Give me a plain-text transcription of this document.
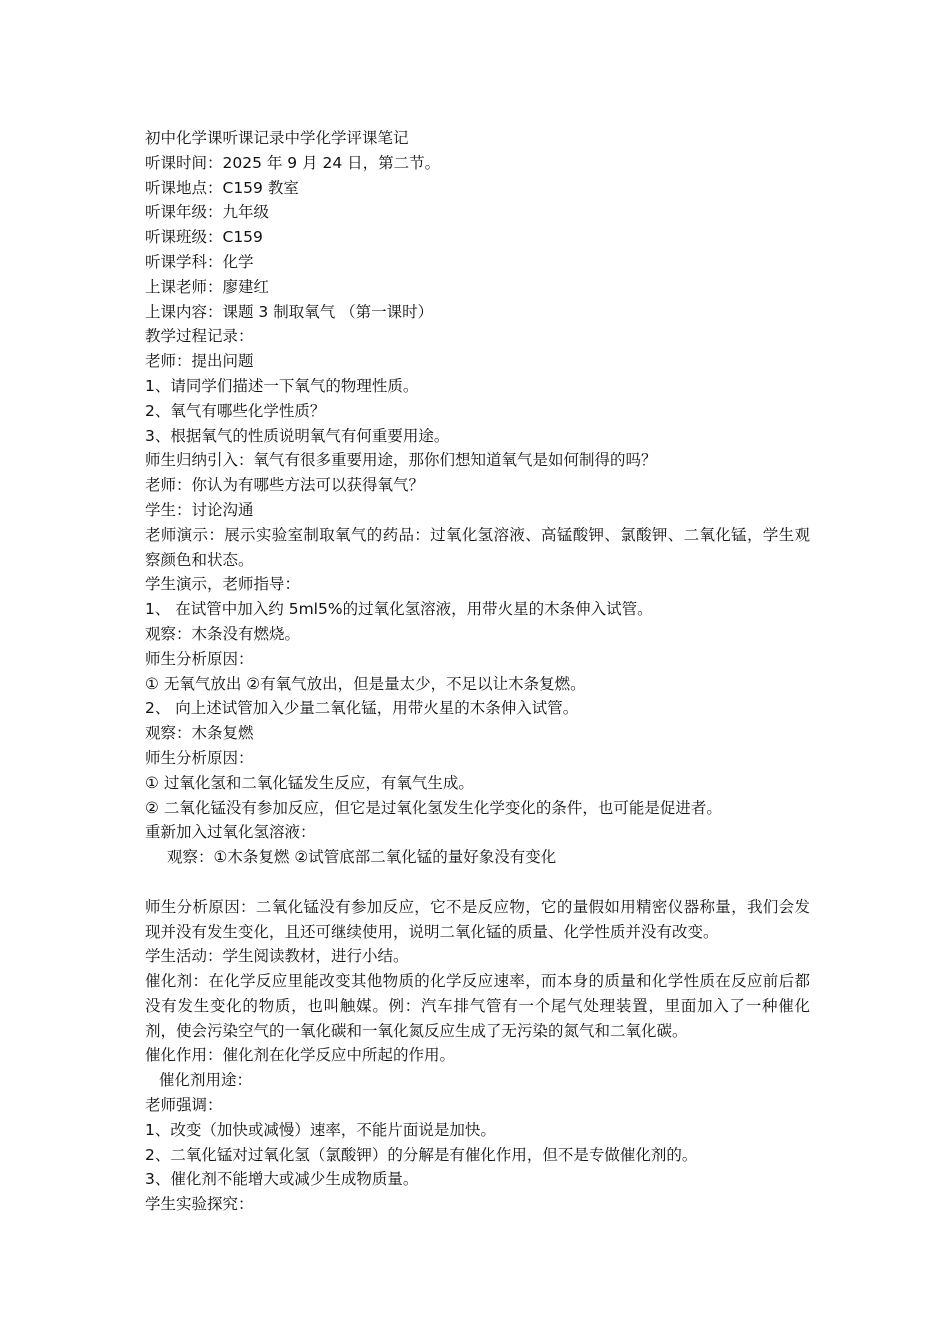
初中化学课听课记录中学化学评课笔记
听课时间：2025 年 9 月 24 日，第二节。
听课地点：C159 教室
听课年级：九年级
听课班级：C159
听课学科：化学
上课老师：廖建红
上课内容：课题 3 制取氧气 （第一课时）
教学过程记录：
老师：提出问题
1、请同学们描述一下氧气的物理性质。
2、氧气有哪些化学性质？
3、根据氧气的性质说明氧气有何重要用途。
师生归纳引入：氧气有很多重要用途，那你们想知道氧气是如何制得的吗？
老师：你认为有哪些方法可以获得氧气？
学生：讨论沟通
老师演示：展示实验室制取氧气的药品：过氧化氢溶液、高锰酸钾、氯酸钾、二氧化锰，学生观察颜色和状态。
学生演示，老师指导：
1、 在试管中加入约 5ml5%的过氧化氢溶液，用带火星的木条伸入试管。
观察：木条没有燃烧。
师生分析原因：
① 无氧气放出 ②有氧气放出，但是量太少，不足以让木条复燃。
2、 向上述试管加入少量二氧化锰，用带火星的木条伸入试管。
观察：木条复燃
师生分析原因：
① 过氧化氢和二氧化锰发生反应，有氧气生成。
② 二氧化锰没有参加反应，但它是过氧化氢发生化学变化的条件，也可能是促进者。
重新加入过氧化氢溶液：
观察：①木条复燃 ②试管底部二氧化锰的量好象没有变化
师生分析原因：二氧化锰没有参加反应，它不是反应物，它的量假如用精密仪器称量，我们会发现并没有发生变化，且还可继续使用，说明二氧化锰的质量、化学性质并没有改变。
学生活动：学生阅读教材，进行小结。
催化剂：在化学反应里能改变其他物质的化学反应速率，而本身的质量和化学性质在反应前后都没有发生变化的物质，也叫触媒。例：汽车排气管有一个尾气处理装置，里面加入了一种催化剂，使会污染空气的一氧化碳和一氧化氮反应生成了无污染的氮气和二氧化碳。
催化作用：催化剂在化学反应中所起的作用。
催化剂用途：
老师强调：
1、改变（加快或减慢）速率，不能片面说是加快。
2、二氧化锰对过氧化氢（氯酸钾）的分解是有催化作用，但不是专做催化剂的。
3、催化剂不能增大或减少生成物质量。
学生实验探究：
